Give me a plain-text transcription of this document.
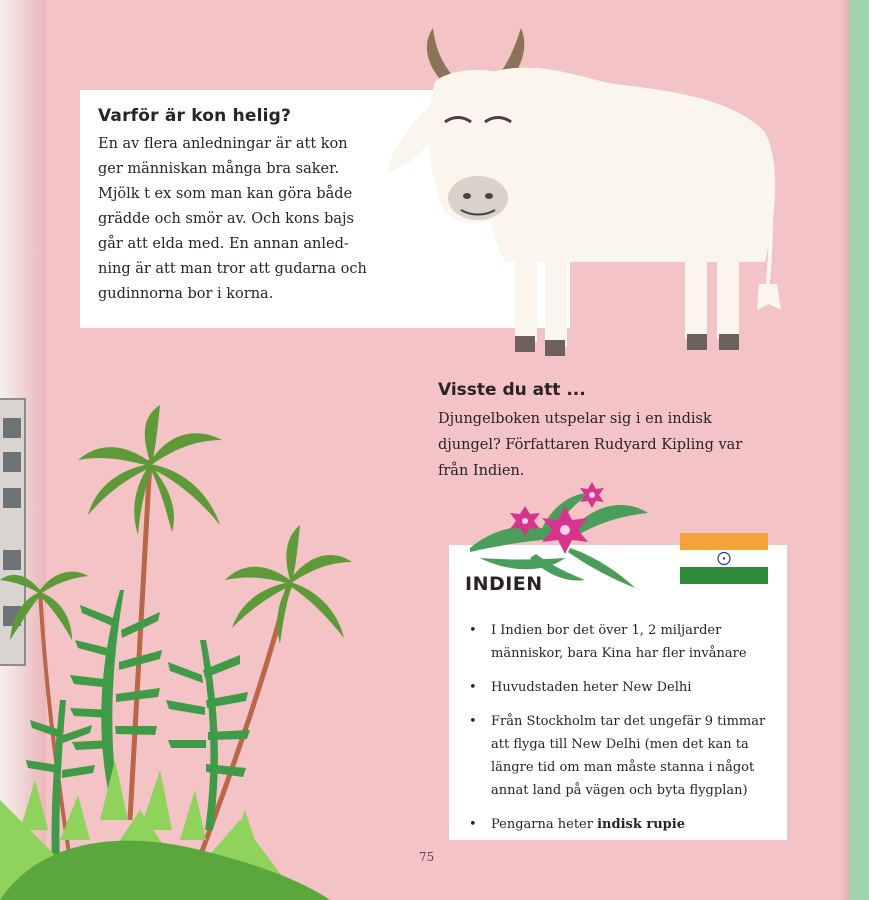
Varför är kon helig?
En av flera anledningar är att kon
ger människan många bra saker.
Mjölk t ex som man kan göra både
grädde och smör av. Och kons bajs
går att elda med. En annan anled-
ning är att man tror att gudarna och
gudinnorna bor i korna.
Visste du att ...
Djungelboken utspelar sig i en indisk
djungel? Författaren Rudyard Kipling var
från Indien.
INDIEN
• I Indien bor det över 1, 2 miljarder
människor, bara Kina har fler invånare
• Huvudstaden heter New Delhi
• Från Stockholm tar det ungefär 9 timmar
att flyga till New Delhi (men det kan ta
längre tid om man måste stanna i något
annat land på vägen och byta flygplan)
• Pengarna heter indisk rupie
75
